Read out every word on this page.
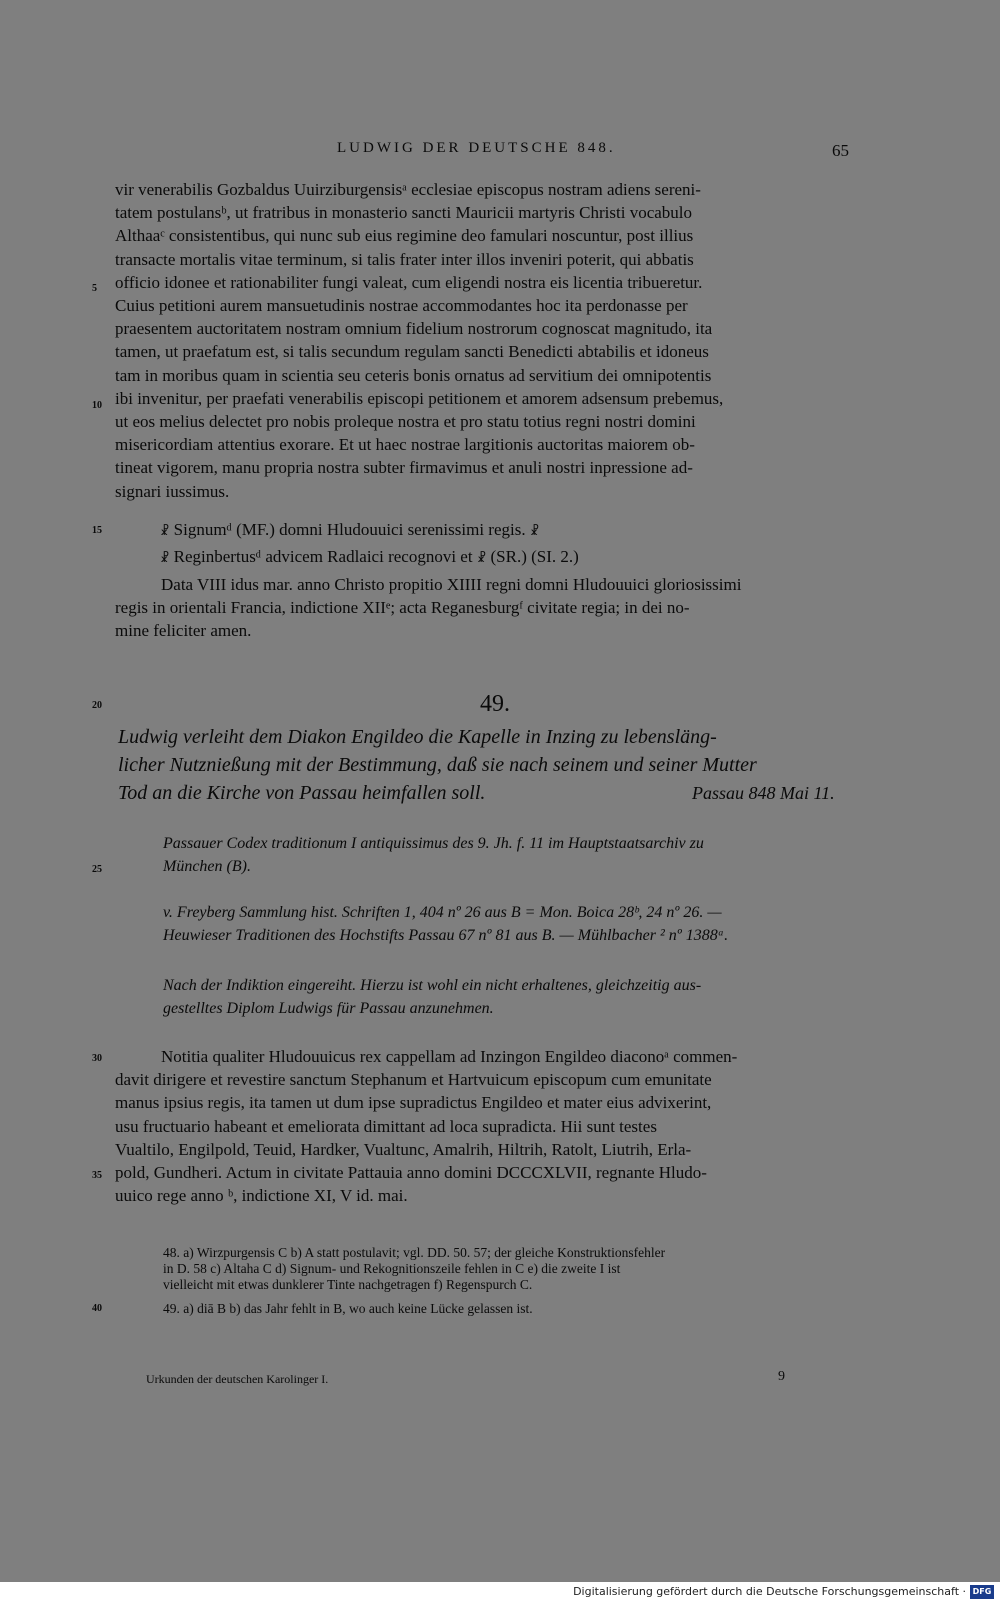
LUDWIG DER DEUTSCHE 848.	65
5
10
15
20
25
30
35
40
vir venerabilis Gozbaldus Uuirziburgensisᵃ ecclesiae episcopus nostram adiens sereni-
tatem postulansᵇ, ut fratribus in monasterio sancti Mauricii martyris Christi vocabulo
Althaaᶜ consistentibus, qui nunc sub eius regimine deo famulari noscuntur, post illius
transacte mortalis vitae terminum, si talis frater inter illos inveniri poterit, qui abbatis
officio idonee et rationabiliter fungi valeat, cum eligendi nostra eis licentia tribueretur.
Cuius petitioni aurem mansuetudinis nostrae accommodantes hoc ita perdonasse per
praesentem auctoritatem nostram omnium fidelium nostrorum cognoscat magnitudo, ita
tamen, ut praefatum est, si talis secundum regulam sancti Benedicti abtabilis et idoneus
tam in moribus quam in scientia seu ceteris bonis ornatus ad servitium dei omnipotentis
ibi invenitur, per praefati venerabilis episcopi petitionem et amorem adsensum prebemus,
ut eos melius delectet pro nobis proleque nostra et pro statu totius regni nostri domini
misericordiam attentius exorare. Et ut haec nostrae largitionis auctoritas maiorem ob-
tineat vigorem, manu propria nostra subter firmavimus et anuli nostri inpressione ad-
signari iussimus.
☧ Signumᵈ (MF.) domni Hludouuici serenissimi regis. ☧
☧ Reginbertusᵈ advicem Radlaici recognovi et ☧ (SR.) (SI. 2.)
Data VIII idus mar. anno Christo propitio XIIII regni domni Hludouuici gloriosissimi
regis in orientali Francia, indictione XIIᵉ; acta Reganesburgᶠ civitate regia; in dei no-
mine feliciter amen.
49.
Ludwig verleiht dem Diakon Engildeo die Kapelle in Inzing zu lebensläng-
licher Nutznießung mit der Bestimmung, daß sie nach seinem und seiner Mutter
Tod an die Kirche von Passau heimfallen soll.	Passau 848 Mai 11.
Passauer Codex traditionum I antiquissimus des 9. Jh. f. 11 im Hauptstaatsarchiv zu
München (B).
v. Freyberg Sammlung hist. Schriften 1, 404 nº 26 aus B = Mon. Boica 28ᵇ, 24 nº 26. —
Heuwieser Traditionen des Hochstifts Passau 67 nº 81 aus B. — Mühlbacher ² nº 1388ᵃ.
Nach der Indiktion eingereiht. Hierzu ist wohl ein nicht erhaltenes, gleichzeitig aus-
gestelltes Diplom Ludwigs für Passau anzunehmen.
Notitia qualiter Hludouuicus rex cappellam ad Inzingon Engildeo diaconoᵃ commen-
davit dirigere et revestire sanctum Stephanum et Hartvuicum episcopum cum emunitate
manus ipsius regis, ita tamen ut dum ipse supradictus Engildeo et mater eius advixerint,
usu fructuario habeant et emeliorata dimittant ad loca supradicta. Hii sunt testes
Vualtilo, Engilpold, Teuid, Hardker, Vualtunc, Amalrih, Hiltrih, Ratolt, Liutrih, Erla-
pold, Gundheri. Actum in civitate Pattauia anno domini DCCCXLVII, regnante Hludo-
uuico rege anno ᵇ, indictione XI, V id. mai.
48. a) Wirzpurgensis C b) A statt postulavit; vgl. DD. 50. 57; der gleiche Konstruktionsfehler
in D. 58 c) Altaha C d) Signum- und Rekognitionszeile fehlen in C e) die zweite I ist
vielleicht mit etwas dunklerer Tinte nachgetragen f) Regenspurch C.
49. a) diā B b) das Jahr fehlt in B, wo auch keine Lücke gelassen ist.
Urkunden der deutschen Karolinger I.	9
Digitalisierung gefördert durch die Deutsche Forschungsgemeinschaft · DFG
